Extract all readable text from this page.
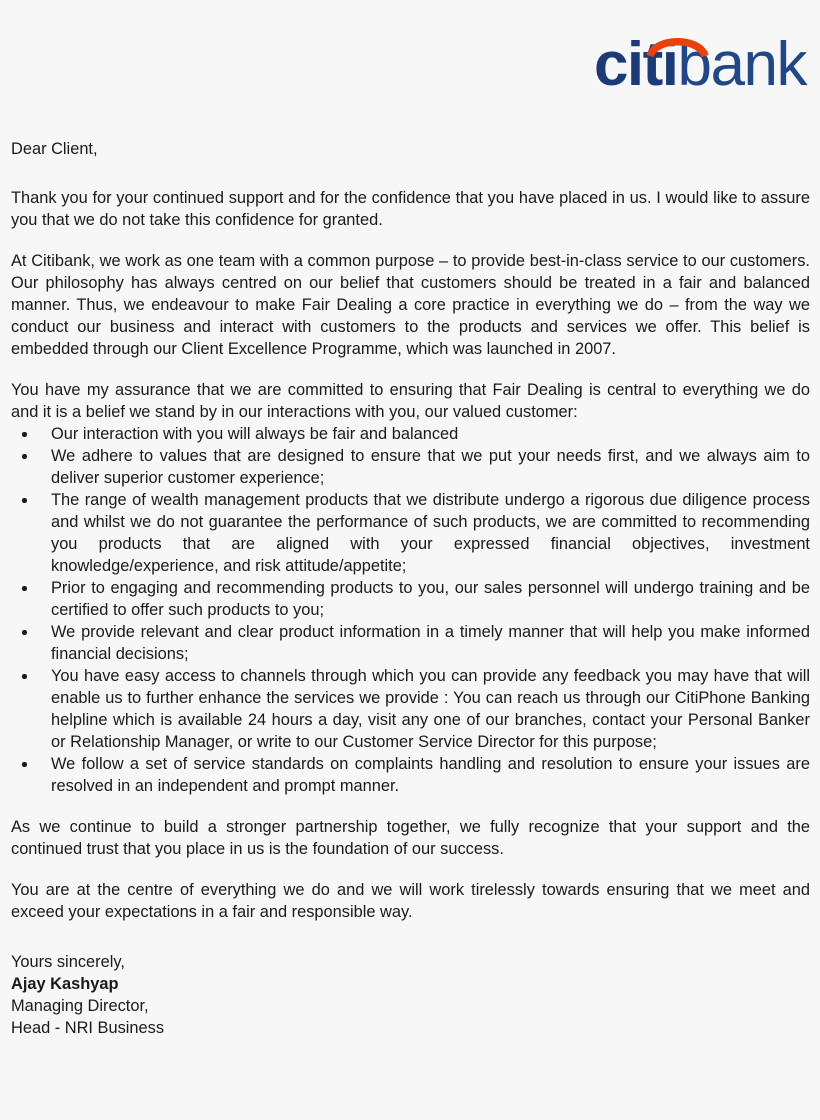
citibank

Dear Client,

Thank you for your continued support and for the confidence that you have placed in us. I would like to assure you that we do not take this confidence for granted.

At Citibank, we work as one team with a common purpose – to provide best-in-class service to our customers. Our philosophy has always centred on our belief that customers should be treated in a fair and balanced manner. Thus, we endeavour to make Fair Dealing a core practice in everything we do – from the way we conduct our business and interact with customers to the products and services we offer. This belief is embedded through our Client Excellence Programme, which was launched in 2007.

You have my assurance that we are committed to ensuring that Fair Dealing is central to everything we do and it is a belief we stand by in our interactions with you, our valued customer:

Our interaction with you will always be fair and balanced
We adhere to values that are designed to ensure that we put your needs first, and we always aim to deliver superior customer experience;
The range of wealth management products that we distribute undergo a rigorous due diligence process and whilst we do not guarantee the performance of such products, we are committed to recommending you products that are aligned with your expressed financial objectives, investment knowledge/experience, and risk attitude/appetite;
Prior to engaging and recommending products to you, our sales personnel will undergo training and be certified to offer such products to you;
We provide relevant and clear product information in a timely manner that will help you make informed financial decisions;
You have easy access to channels through which you can provide any feedback you may have that will enable us to further enhance the services we provide : You can reach us through our CitiPhone Banking helpline which is available 24 hours a day, visit any one of our branches, contact your Personal Banker or Relationship Manager, or write to our Customer Service Director for this purpose;
We follow a set of service standards on complaints handling and resolution to ensure your issues are resolved in an independent and prompt manner.

As we continue to build a stronger partnership together, we fully recognize that your support and the continued trust that you place in us is the foundation of our success.

You are at the centre of everything we do and we will work tirelessly towards ensuring that we meet and exceed your expectations in a fair and responsible way.

Yours sincerely,
Ajay Kashyap
Managing Director,
Head - NRI Business
